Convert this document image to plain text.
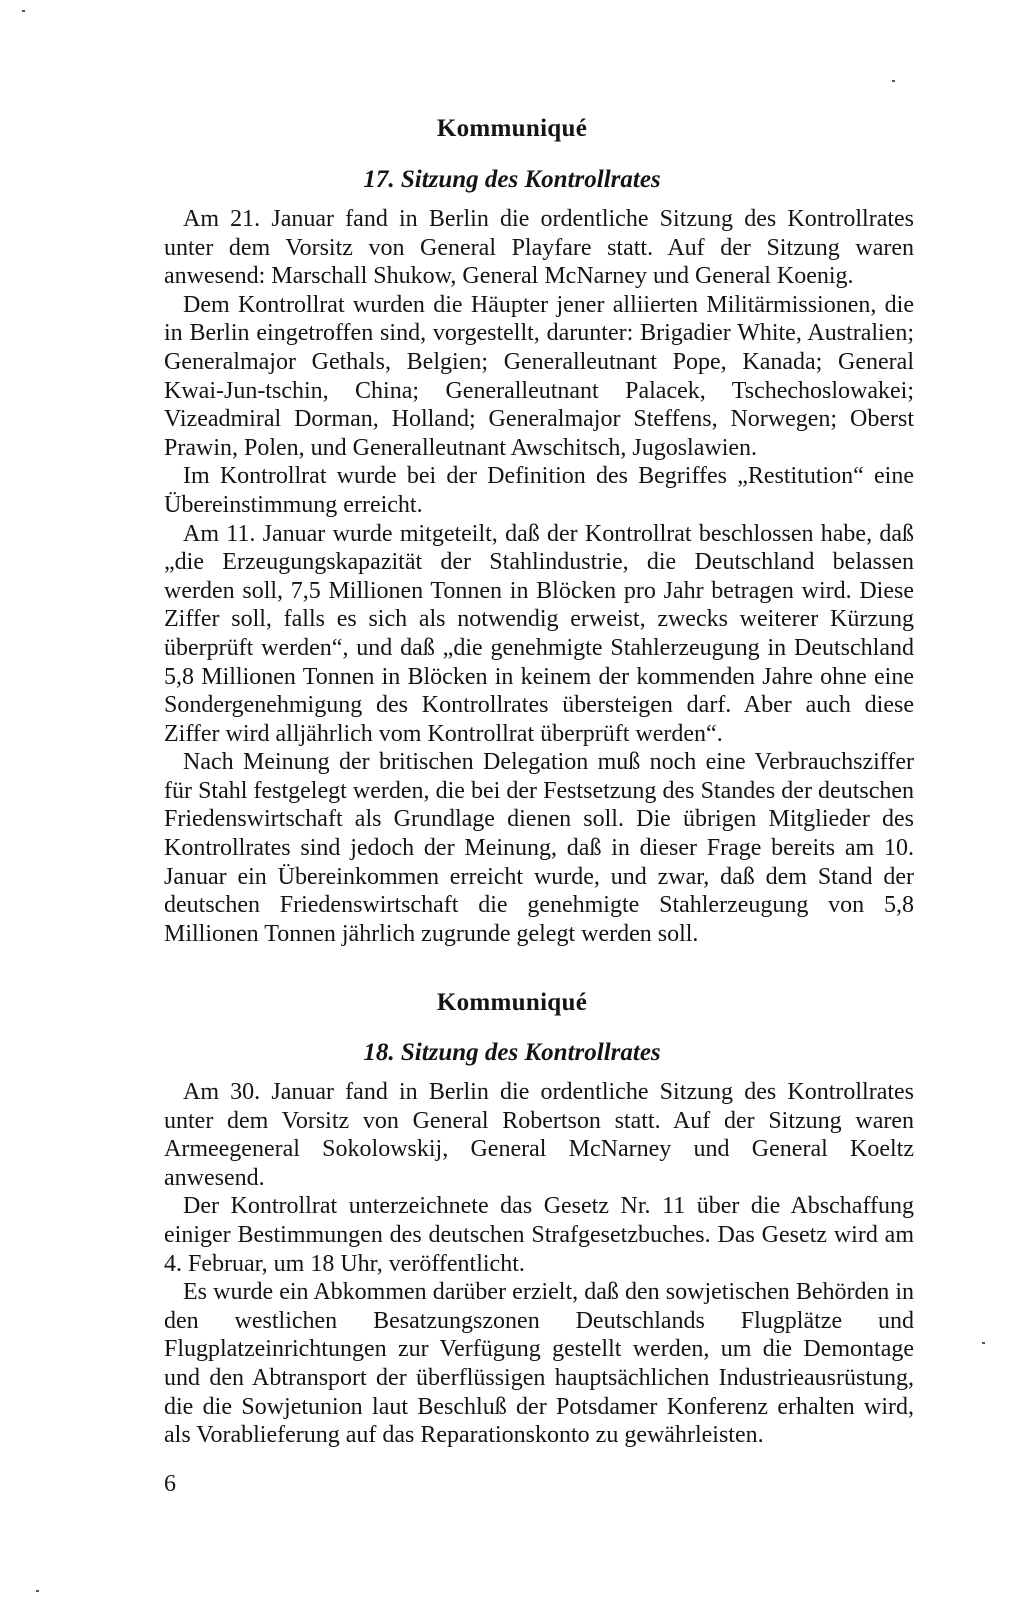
Kommuniqué
17. Sitzung des Kontrollrates

Am 21. Januar fand in Berlin die ordentliche Sitzung des Kontrollrates unter dem Vorsitz von General Playfare statt. Auf der Sitzung waren anwesend: Marschall Shukow, General McNarney und General Koenig.

Dem Kontrollrat wurden die Häupter jener alliierten Militärmissionen, die in Berlin eingetroffen sind, vorgestellt, darunter: Brigadier White, Australien; Generalmajor Gethals, Belgien; Generalleutnant Pope, Kanada; General Kwai-Jun-tschin, China; Generalleutnant Palacek, Tschechoslowakei; Vizeadmiral Dorman, Holland; Generalmajor Steffens, Norwegen; Oberst Prawin, Polen, und Generalleutnant Awschitsch, Jugoslawien.

Im Kontrollrat wurde bei der Definition des Begriffes „Restitution“ eine Übereinstimmung erreicht.

Am 11. Januar wurde mitgeteilt, daß der Kontrollrat beschlossen habe, daß „die Erzeugungskapazität der Stahlindustrie, die Deutschland belassen werden soll, 7,5 Millionen Tonnen in Blöcken pro Jahr betragen wird. Diese Ziffer soll, falls es sich als notwendig erweist, zwecks weiterer Kürzung überprüft werden“, und daß „die genehmigte Stahlerzeugung in Deutschland 5,8 Millionen Tonnen in Blöcken in keinem der kommenden Jahre ohne eine Sondergenehmigung des Kontrollrates übersteigen darf. Aber auch diese Ziffer wird alljährlich vom Kontrollrat überprüft werden“.

Nach Meinung der britischen Delegation muß noch eine Verbrauchsziffer für Stahl festgelegt werden, die bei der Festsetzung des Standes der deutschen Friedenswirtschaft als Grundlage dienen soll. Die übrigen Mitglieder des Kontrollrates sind jedoch der Meinung, daß in dieser Frage bereits am 10. Januar ein Übereinkommen erreicht wurde, und zwar, daß dem Stand der deutschen Friedenswirtschaft die genehmigte Stahlerzeugung von 5,8 Millionen Tonnen jährlich zugrunde gelegt werden soll.

Kommuniqué
18. Sitzung des Kontrollrates

Am 30. Januar fand in Berlin die ordentliche Sitzung des Kontrollrates unter dem Vorsitz von General Robertson statt. Auf der Sitzung waren Armeegeneral Sokolowskij, General McNarney und General Koeltz anwesend.

Der Kontrollrat unterzeichnete das Gesetz Nr. 11 über die Abschaffung einiger Bestimmungen des deutschen Strafgesetzbuches. Das Gesetz wird am 4. Februar, um 18 Uhr, veröffentlicht.

Es wurde ein Abkommen darüber erzielt, daß den sowjetischen Behörden in den westlichen Besatzungszonen Deutschlands Flugplätze und Flugplatzeinrichtungen zur Verfügung gestellt werden, um die Demontage und den Abtransport der überflüssigen hauptsächlichen Industrieausrüstung, die die Sowjetunion laut Beschluß der Potsdamer Konferenz erhalten wird, als Vorablieferung auf das Reparationskonto zu gewährleisten.

6
